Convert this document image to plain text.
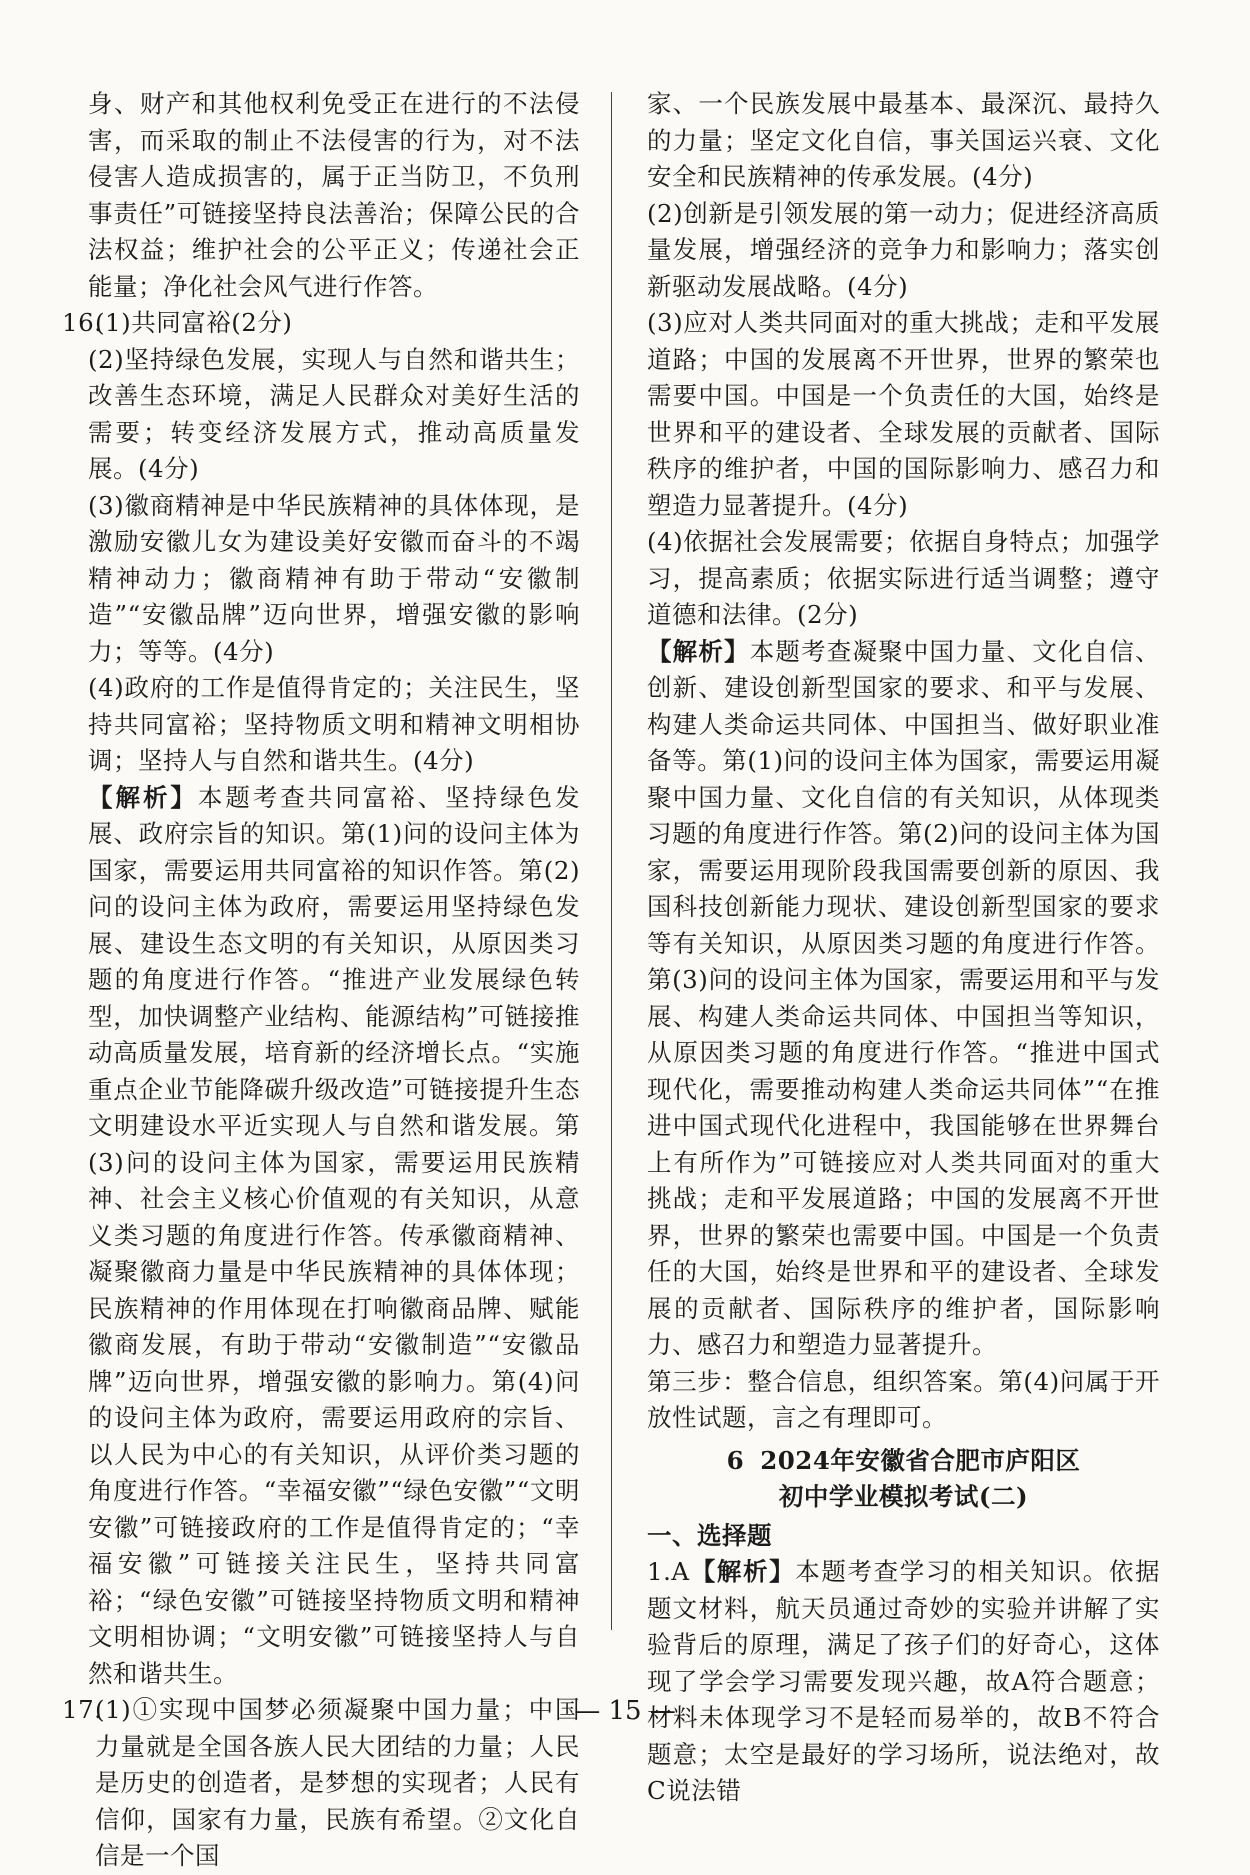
身、财产和其他权利免受正在进行的不法侵害，而采取的制止不法侵害的行为，对不法侵害人造成损害的，属于正当防卫，不负刑事责任”可链接坚持良法善治；保障公民的合法权益；维护社会的公平正义；传递社会正能量；净化社会风气进行作答。

16.

(1)共同富裕(2分)

(2)坚持绿色发展，实现人与自然和谐共生；改善生态环境，满足人民群众对美好生活的需要；转变经济发展方式，推动高质量发展。(4分)

(3)徽商精神是中华民族精神的具体体现，是激励安徽儿女为建设美好安徽而奋斗的不竭精神动力；徽商精神有助于带动“安徽制造”“安徽品牌”迈向世界，增强安徽的影响力；等等。(4分)

(4)政府的工作是值得肯定的；关注民生，坚持共同富裕；坚持物质文明和精神文明相协调；坚持人与自然和谐共生。(4分)

【解析】本题考查共同富裕、坚持绿色发展、政府宗旨的知识。第(1)问的设问主体为国家，需要运用共同富裕的知识作答。第(2)问的设问主体为政府，需要运用坚持绿色发展、建设生态文明的有关知识，从原因类习题的角度进行作答。“推进产业发展绿色转型，加快调整产业结构、能源结构”可链接推动高质量发展，培育新的经济增长点。“实施重点企业节能降碳升级改造”可链接提升生态文明建设水平近实现人与自然和谐发展。第(3)问的设问主体为国家，需要运用民族精神、社会主义核心价值观的有关知识，从意义类习题的角度进行作答。传承徽商精神、凝聚徽商力量是中华民族精神的具体体现；民族精神的作用体现在打响徽商品牌、赋能徽商发展，有助于带动“安徽制造”“安徽品牌”迈向世界，增强安徽的影响力。第(4)问的设问主体为政府，需要运用政府的宗旨、以人民为中心的有关知识，从评价类习题的角度进行作答。“幸福安徽”“绿色安徽”“文明安徽”可链接政府的工作是值得肯定的；“幸福安徽”可链接关注民生，坚持共同富裕；“绿色安徽”可链接坚持物质文明和精神文明相协调；“文明安徽”可链接坚持人与自然和谐共生。

17.

(1)①实现中国梦必须凝聚中国力量；中国力量就是全国各族人民大团结的力量；人民是历史的创造者，是梦想的实现者；人民有信仰，国家有力量，民族有希望。②文化自信是一个国

家、一个民族发展中最基本、最深沉、最持久的力量；坚定文化自信，事关国运兴衰、文化安全和民族精神的传承发展。(4分)

(2)创新是引领发展的第一动力；促进经济高质量发展，增强经济的竞争力和影响力；落实创新驱动发展战略。(4分)

(3)应对人类共同面对的重大挑战；走和平发展道路；中国的发展离不开世界，世界的繁荣也需要中国。中国是一个负责任的大国，始终是世界和平的建设者、全球发展的贡献者、国际秩序的维护者，中国的国际影响力、感召力和塑造力显著提升。(4分)

(4)依据社会发展需要；依据自身特点；加强学习，提高素质；依据实际进行适当调整；遵守道德和法律。(2分)

【解析】本题考查凝聚中国力量、文化自信、创新、建设创新型国家的要求、和平与发展、构建人类命运共同体、中国担当、做好职业准备等。第(1)问的设问主体为国家，需要运用凝聚中国力量、文化自信的有关知识，从体现类习题的角度进行作答。第(2)问的设问主体为国家，需要运用现阶段我国需要创新的原因、我国科技创新能力现状、建设创新型国家的要求等有关知识，从原因类习题的角度进行作答。第(3)问的设问主体为国家，需要运用和平与发展、构建人类命运共同体、中国担当等知识，从原因类习题的角度进行作答。“推进中国式现代化，需要推动构建人类命运共同体”“在推进中国式现代化进程中，我国能够在世界舞台上有所作为”可链接应对人类共同面对的重大挑战；走和平发展道路；中国的发展离不开世界，世界的繁荣也需要中国。中国是一个负责任的大国，始终是世界和平的建设者、全球发展的贡献者、国际秩序的维护者，国际影响力、感召力和塑造力显著提升。

第三步：整合信息，组织答案。第(4)问属于开放性试题，言之有理即可。

6 2024年安徽省合肥市庐阳区
初中学业模拟考试(二)

一、选择题

1.A【解析】本题考查学习的相关知识。依据题文材料，航天员通过奇妙的实验并讲解了实验背后的原理，满足了孩子们的好奇心，这体现了学会学习需要发现兴趣，故A符合题意；材料未体现学习不是轻而易举的，故B不符合题意；太空是最好的学习场所，说法绝对，故C说法错

— 15 —
